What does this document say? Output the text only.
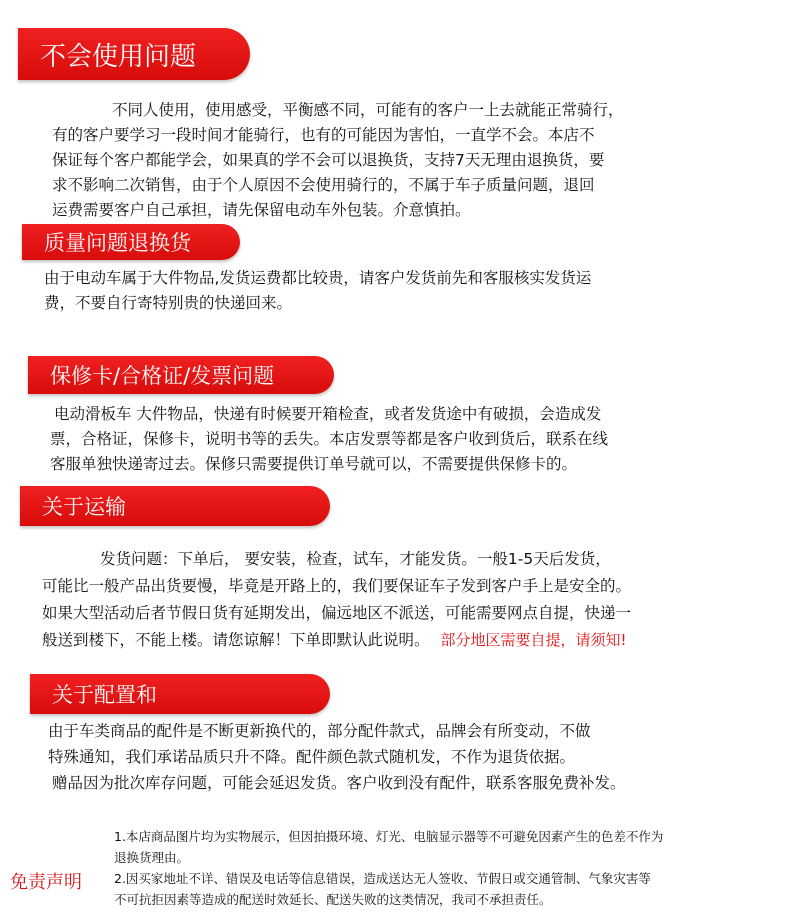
不会使用问题
不同人使用，使用感受，平衡感不同，可能有的客户一上去就能正常骑行，
有的客户要学习一段时间才能骑行，也有的可能因为害怕，一直学不会。本店不
保证每个客户都能学会，如果真的学不会可以退换货，支持7天无理由退换货，要
求不影响二次销售，由于个人原因不会使用骑行的，不属于车子质量问题，退回
运费需要客户自己承担，请先保留电动车外包装。介意慎拍。
质量问题退换货
由于电动车属于大件物品,发货运费都比较贵，请客户发货前先和客服核实发货运
费，不要自行寄特别贵的快递回来。
保修卡/合格证/发票问题
电动滑板车 大件物品，快递有时候要开箱检查，或者发货途中有破损，会造成发
票，合格证，保修卡，说明书等的丢失。本店发票等都是客户收到货后，联系在线
客服单独快递寄过去。保修只需要提供订单号就可以，不需要提供保修卡的。
关于运输
发货问题：下单后， 要安装，检查，试车，才能发货。一般1-5天后发货，
可能比一般产品出货要慢，毕竟是开路上的，我们要保证车子发到客户手上是安全的。
如果大型活动后者节假日货有延期发出，偏远地区不派送，可能需要网点自提，快递一
般送到楼下，不能上楼。请您谅解！下单即默认此说明。 部分地区需要自提，请须知!
关于配置和
由于车类商品的配件是不断更新换代的，部分配件款式，品牌会有所变动，不做
特殊通知，我们承诺品质只升不降。配件颜色款式随机发，不作为退货依据。
赠品因为批次库存问题，可能会延迟发货。客户收到没有配件，联系客服免费补发。
免责声明
1.本店商品图片均为实物展示，但因拍摄环境、灯光、电脑显示器等不可避免因素产生的色差不作为
退换货理由。
2.因买家地址不详、错误及电话等信息错误，造成送达无人签收、节假日或交通管制、气象灾害等
不可抗拒因素等造成的配送时效延长、配送失败的这类情况，我司不承担责任。
